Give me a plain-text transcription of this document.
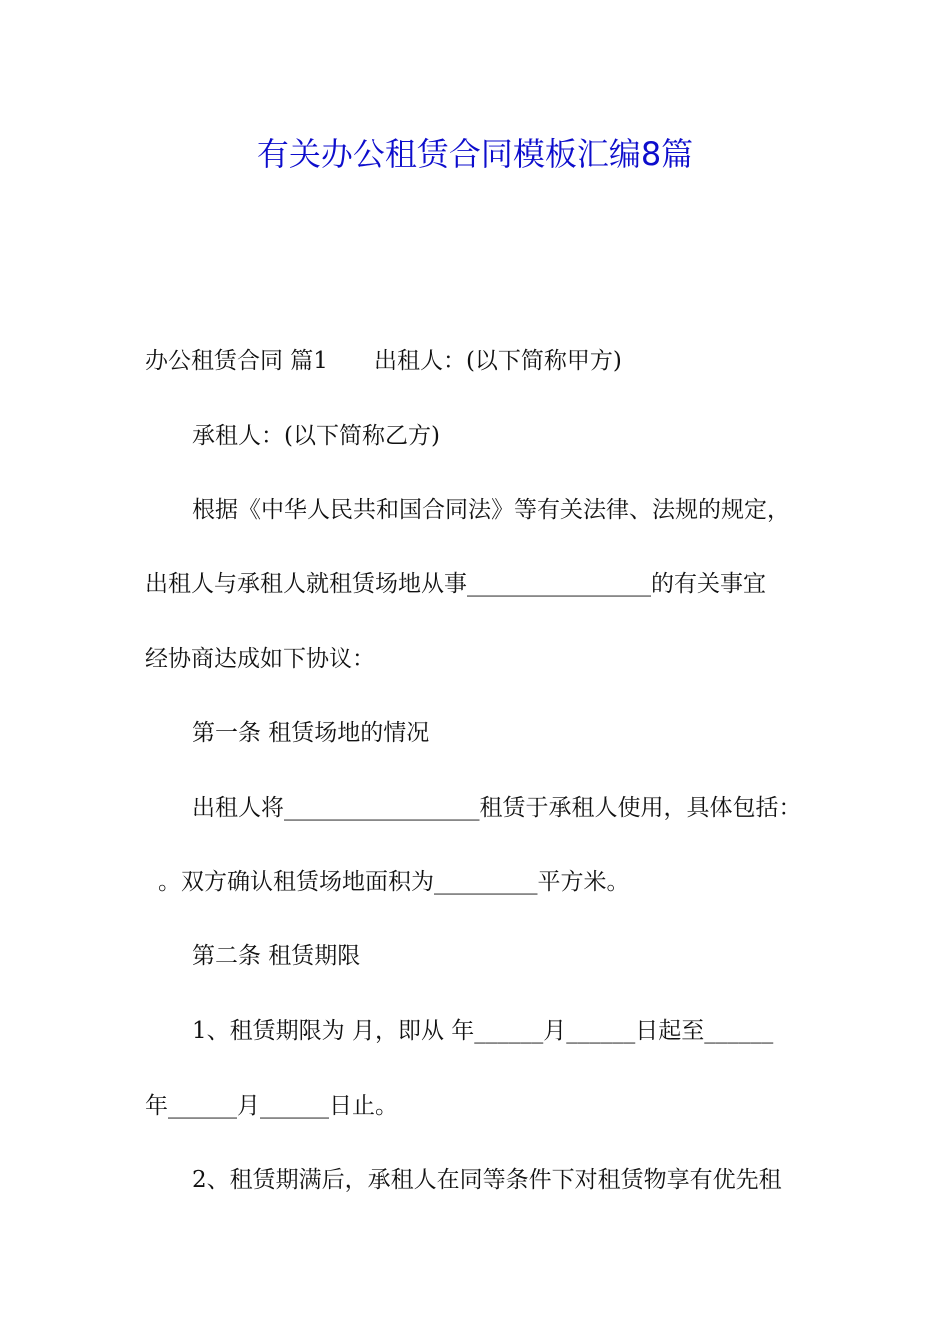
有关办公租赁合同模板汇编8篇
办公租赁合同 篇1　　出租人：(以下简称甲方)
承租人：(以下简称乙方)
根据《中华人民共和国合同法》等有关法律、法规的规定，
出租人与承租人就租赁场地从事________________的有关事宜
经协商达成如下协议：
第一条 租赁场地的情况
出租人将_________________租赁于承租人使用，具体包括：
。双方确认租赁场地面积为_________平方米。
第二条 租赁期限
1、租赁期限为 月，即从 年______月______日起至______
年______月______日止。
2、租赁期满后，承租人在同等条件下对租赁物享有优先租
